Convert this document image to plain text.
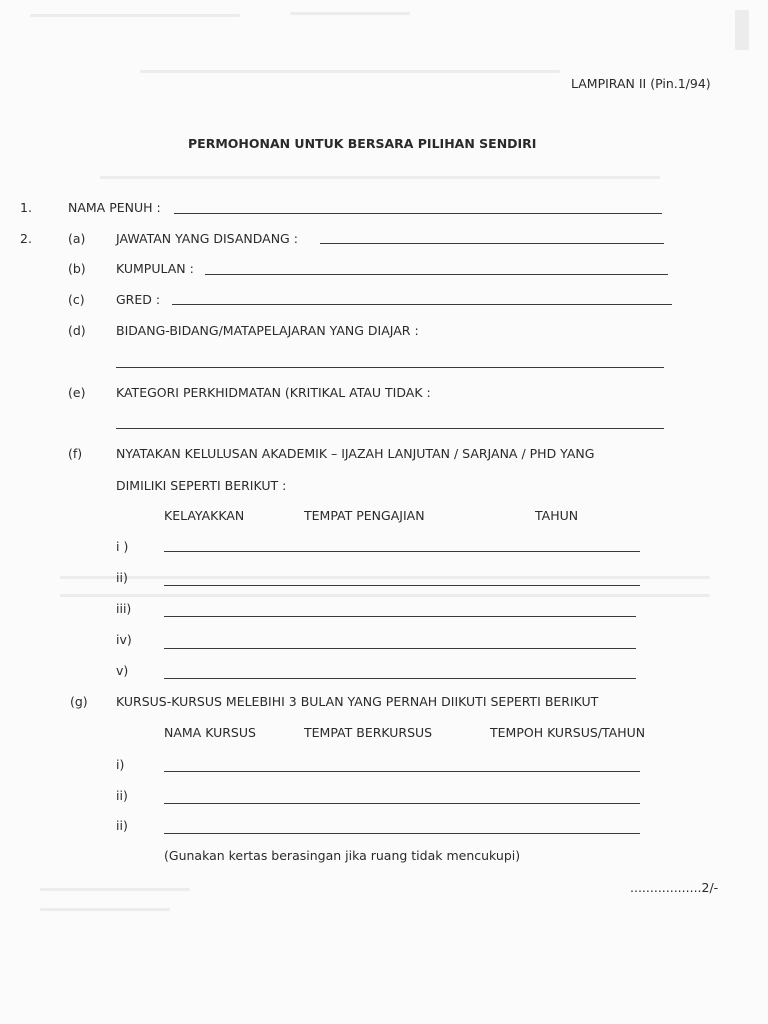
LAMPIRAN II (Pin.1/94)
PERMOHONAN UNTUK BERSARA PILIHAN SENDIRI
1.	NAMA PENUH :
2.	(a) JAWATAN YANG DISANDANG :
(b) KUMPULAN :
(c)	GRED :
(d) BIDANG-BIDANG/MATAPELAJARAN YANG DIAJAR :
(e) KATEGORI PERKHIDMATAN (KRITIKAL ATAU TIDAK :
(f)	NYATAKAN KELULUSAN AKADEMIK – IJAZAH LANJUTAN / SARJANA / PHD YANG
DIMILIKI SEPERTI BERIKUT :
KELAYAKKAN	TEMPAT PENGAJIAN	TAHUN
i )
ii)
iii)
iv)
v)
(g) KURSUS-KURSUS MELEBIHI 3 BULAN YANG PERNAH DIIKUTI SEPERTI BERIKUT
NAMA KURSUS	TEMPAT BERKURSUS	TEMPOH KURSUS/TAHUN
i)
ii)
ii)
(Gunakan kertas berasingan jika ruang tidak mencukupi)
..................2/-
